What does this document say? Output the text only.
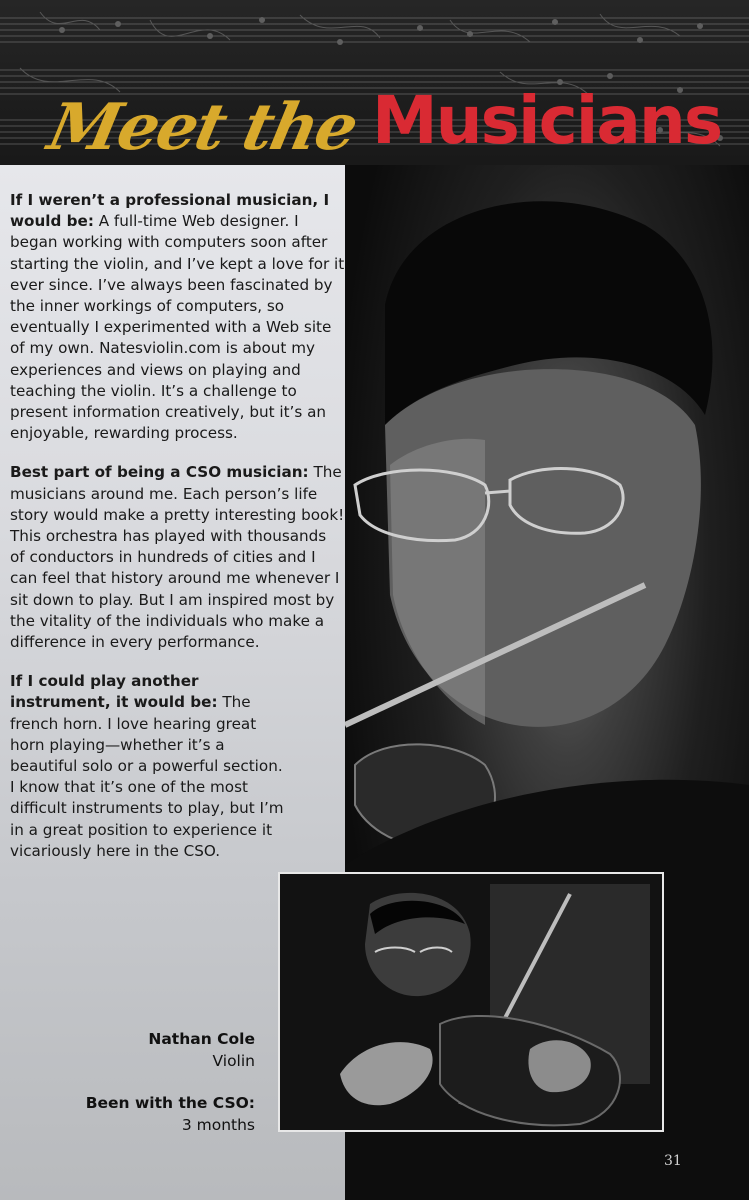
Meet the Musicians

If I weren’t a professional musician, I would be: A full-time Web designer. I began working with computers soon after starting the violin, and I’ve kept a love for it ever since. I’ve always been fascinated by the inner workings of computers, so eventually I experimented with a Web site of my own. Natesviolin.com is about my experiences and views on playing and teaching the violin. It’s a challenge to present information creatively, but it’s an enjoyable, rewarding process.

Best part of being a CSO musician: The musicians around me. Each person’s life story would make a pretty interesting book! This orchestra has played with thousands of conductors in hundreds of cities and I can feel that history around me whenever I sit down to play. But I am inspired most by the vitality of the individuals who make a difference in every performance.

If I could play another instrument, it would be: The french horn. I love hearing great horn playing—whether it’s a beautiful solo or a powerful section. I know that it’s one of the most difficult instruments to play, but I’m in a great position to experience it vicariously here in the CSO.

Nathan Cole
Violin
Been with the CSO:
3 months
31
